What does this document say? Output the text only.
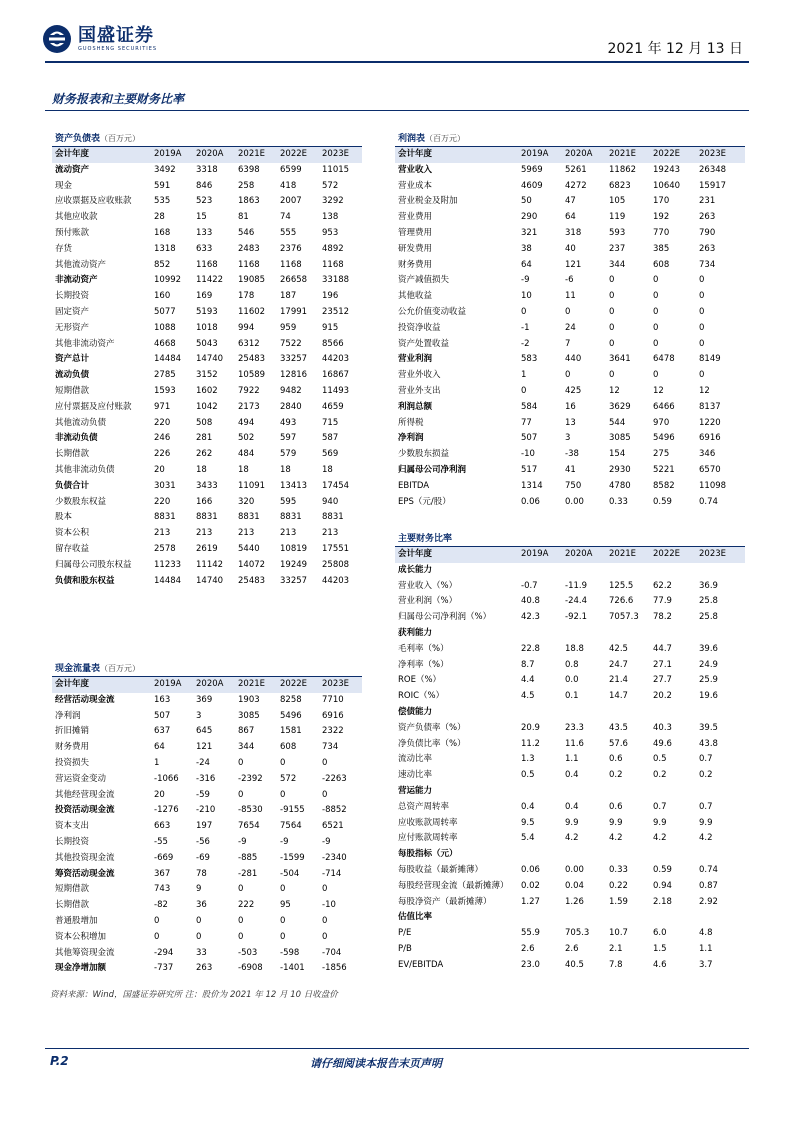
国盛证券
GUOSHENG SECURITIES	2021 年 12 月 13 日
财务报表和主要财务比率
资产负债表（百万元）
会计年度	2019A	2020A	2021E	2022E	2023E
流动资产	3492	3318	6398	6599	11015
现金	591	846	258	418	572
应收票据及应收账款	535	523	1863	2007	3292
其他应收款	28	15	81	74	138
预付账款	168	133	546	555	953
存货	1318	633	2483	2376	4892
其他流动资产	852	1168	1168	1168	1168
非流动资产	10992	11422	19085	26658	33188
长期投资	160	169	178	187	196
固定资产	5077	5193	11602	17991	23512
无形资产	1088	1018	994	959	915
其他非流动资产	4668	5043	6312	7522	8566
资产总计	14484	14740	25483	33257	44203
流动负债	2785	3152	10589	12816	16867
短期借款	1593	1602	7922	9482	11493
应付票据及应付账款	971	1042	2173	2840	4659
其他流动负债	220	508	494	493	715
非流动负债	246	281	502	597	587
长期借款	226	262	484	579	569
其他非流动负债	20	18	18	18	18
负债合计	3031	3433	11091	13413	17454
少数股东权益	220	166	320	595	940
股本	8831	8831	8831	8831	8831
资本公积	213	213	213	213	213
留存收益	2578	2619	5440	10819	17551
归属母公司股东权益	11233	11142	14072	19249	25808
负债和股东权益	14484	14740	25483	33257	44203
利润表（百万元）
会计年度	2019A	2020A	2021E	2022E	2023E
营业收入	5969	5261	11862	19243	26348
营业成本	4609	4272	6823	10640	15917
营业税金及附加	50	47	105	170	231
营业费用	290	64	119	192	263
管理费用	321	318	593	770	790
研发费用	38	40	237	385	263
财务费用	64	121	344	608	734
资产减值损失	-9	-6	0	0	0
其他收益	10	11	0	0	0
公允价值变动收益	0	0	0	0	0
投资净收益	-1	24	0	0	0
资产处置收益	-2	7	0	0	0
营业利润	583	440	3641	6478	8149
营业外收入	1	0	0	0	0
营业外支出	0	425	12	12	12
利润总额	584	16	3629	6466	8137
所得税	77	13	544	970	1220
净利润	507	3	3085	5496	6916
少数股东损益	-10	-38	154	275	346
归属母公司净利润	517	41	2930	5221	6570
EBITDA	1314	750	4780	8582	11098
EPS（元/股）	0.06	0.00	0.33	0.59	0.74
主要财务比率
会计年度	2019A	2020A	2021E	2022E	2023E
成长能力
营业收入（%）	-0.7	-11.9	125.5	62.2	36.9
营业利润（%）	40.8	-24.4	726.6	77.9	25.8
归属母公司净利润（%）	42.3	-92.1	7057.3	78.2	25.8
获利能力
毛利率（%）	22.8	18.8	42.5	44.7	39.6
净利率（%）	8.7	0.8	24.7	27.1	24.9
ROE（%）	4.4	0.0	21.4	27.7	25.9
ROIC（%）	4.5	0.1	14.7	20.2	19.6
偿债能力
资产负债率（%）	20.9	23.3	43.5	40.3	39.5
净负债比率（%）	11.2	11.6	57.6	49.6	43.8
流动比率	1.3	1.1	0.6	0.5	0.7
速动比率	0.5	0.4	0.2	0.2	0.2
营运能力
总资产周转率	0.4	0.4	0.6	0.7	0.7
应收账款周转率	9.5	9.9	9.9	9.9	9.9
应付账款周转率	5.4	4.2	4.2	4.2	4.2
每股指标（元）
每股收益（最新摊薄）	0.06	0.00	0.33	0.59	0.74
每股经营现金流（最新摊薄）	0.02	0.04	0.22	0.94	0.87
每股净资产（最新摊薄）	1.27	1.26	1.59	2.18	2.92
估值比率
P/E	55.9	705.3	10.7	6.0	4.8
P/B	2.6	2.6	2.1	1.5	1.1
EV/EBITDA	23.0	40.5	7.8	4.6	3.7
现金流量表（百万元）
会计年度	2019A	2020A	2021E	2022E	2023E
经营活动现金流	163	369	1903	8258	7710
净利润	507	3	3085	5496	6916
折旧摊销	637	645	867	1581	2322
财务费用	64	121	344	608	734
投资损失	1	-24	0	0	0
营运资金变动	-1066	-316	-2392	572	-2263
其他经营现金流	20	-59	0	0	0
投资活动现金流	-1276	-210	-8530	-9155	-8852
资本支出	663	197	7654	7564	6521
长期投资	-55	-56	-9	-9	-9
其他投资现金流	-669	-69	-885	-1599	-2340
筹资活动现金流	367	78	-281	-504	-714
短期借款	743	9	0	0	0
长期借款	-82	36	222	95	-10
普通股增加	0	0	0	0	0
资本公积增加	0	0	0	0	0
其他筹资现金流	-294	33	-503	-598	-704
现金净增加额	-737	263	-6908	-1401	-1856
资料来源：Wind，国盛证券研究所 注：股价为 2021 年 12 月 10 日收盘价
P.2	请仔细阅读本报告末页声明
